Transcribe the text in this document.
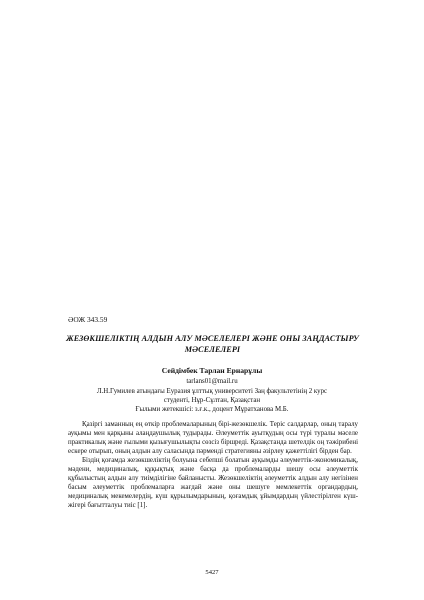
ӘОЖ 343.59
ЖЕЗӨКШЕЛІКТІҢ АЛДЫН АЛУ МӘСЕЛЕЛЕРІ ЖӘНЕ ОНЫ ЗАҢДАСТЫРУ МӘСЕЛЕЛЕРІ
Сейдімбек Тарлан Ернарұлы
tarlans01@mail.ru
Л.Н.Гумилев атындағы Еуразия ұлттық университеті Заң факультетінің 2 курс
студенті, Нұр-Сұлтан, Қазақстан
Ғылыми жетекшісі: з.ғ.к., доцент Мұратханова М.Б.

Қазіргі заманның ең өткір проблемаларының бірі-жезөкшелік. Теріс салдарлар, оның таралу ауқымы мен қарқыны алаңдаушылық тудырады. Әлеуметтік ауытқудың осы түрі туралы мәселе практикалық және ғылыми қызығушылықты сөзсіз біршреді. Қазақстанда шетелдік оң тәжірибені ескере отырып, оның алдын алу саласында пәрменді стратегияны әзірлеу қажеттілігі бірден бар.

Біздің қоғамда жезөкшеліктің болуына себепші болатын ауқымды әлеуметтік-экономикалық, мәдени, медициналық, құқықтық және басқа да проблемаларды шешу осы әлеуметтік құбылыстың алдын алу тиімділігіне байланысты. Жезөкшеліктің әлеуметтік алдын алу негізінен басым әлеуметтік проблемаларға жағдай және оны шешуге мемлекеттік органдардың, медициналық мекемелердің, күш құрылымдарының, қоғамдық ұйымдардың үйлестірілген күш-жігері бағытталуы тиіс [1].

5427
